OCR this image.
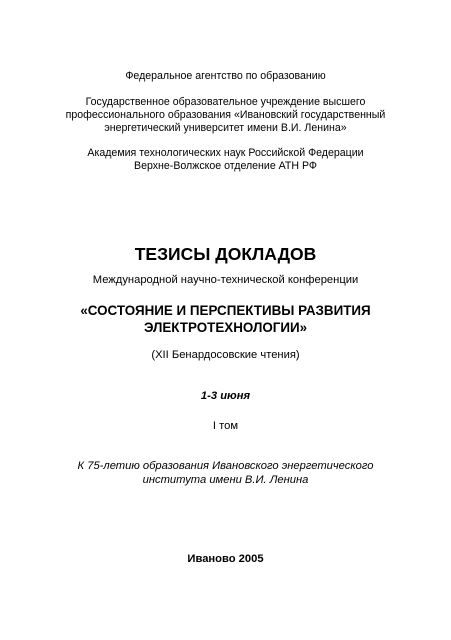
Федеральное агентство по образованию
Государственное образовательное учреждение высшего
профессионального образования «Ивановский государственный
энергетический университет имени В.И. Ленина»
Академия технологических наук Российской Федерации
Верхне-Волжское отделение АТН РФ
ТЕЗИСЫ ДОКЛАДОВ
Международной научно-технической конференции
«СОСТОЯНИЕ И ПЕРСПЕКТИВЫ РАЗВИТИЯ
ЭЛЕКТРОТЕХНОЛОГИИ»
(XII Бенардосовские чтения)
1-3 июня
I том
К 75-летию образования Ивановского энергетического
института имени В.И. Ленина
Иваново 2005
